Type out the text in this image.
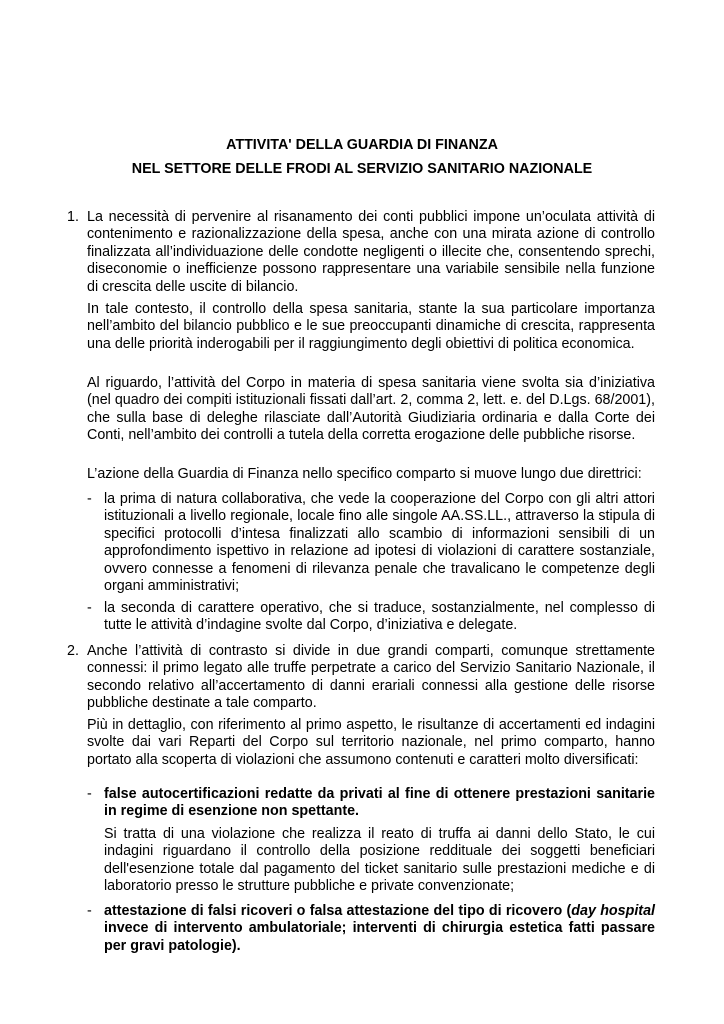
ATTIVITA' DELLA GUARDIA DI FINANZA
NEL SETTORE DELLE FRODI AL SERVIZIO SANITARIO NAZIONALE
1. La necessità di pervenire al risanamento dei conti pubblici impone un’oculata attività di contenimento e razionalizzazione della spesa, anche con una mirata azione di controllo finalizzata all’individuazione delle condotte negligenti o illecite che, consentendo sprechi, diseconomie o inefficienze possono rappresentare una variabile sensibile nella funzione di crescita delle uscite di bilancio.
In tale contesto, il controllo della spesa sanitaria, stante la sua particolare importanza nell’ambito del bilancio pubblico e le sue preoccupanti dinamiche di crescita, rappresenta una delle priorità inderogabili per il raggiungimento degli obiettivi di politica economica.
Al riguardo, l’attività del Corpo in materia di spesa sanitaria viene svolta sia d’iniziativa (nel quadro dei compiti istituzionali fissati dall’art. 2, comma 2, lett. e. del D.Lgs. 68/2001), che sulla base di deleghe rilasciate dall’Autorità Giudiziaria ordinaria e dalla Corte dei Conti, nell’ambito dei controlli a tutela della corretta erogazione delle pubbliche risorse.
L’azione della Guardia di Finanza nello specifico comparto si muove lungo due direttrici:
- la prima di natura collaborativa, che vede la cooperazione del Corpo con gli altri attori istituzionali a livello regionale, locale fino alle singole AA.SS.LL., attraverso la stipula di specifici protocolli d’intesa finalizzati allo scambio di informazioni sensibili di un approfondimento ispettivo in relazione ad ipotesi di violazioni di carattere sostanziale, ovvero connesse a fenomeni di rilevanza penale che travalicano le competenze degli organi amministrativi;
- la seconda di carattere operativo, che si traduce, sostanzialmente, nel complesso di tutte le attività d’indagine svolte dal Corpo, d’iniziativa e delegate.
2. Anche l’attività di contrasto si divide in due grandi comparti, comunque strettamente connessi: il primo legato alle truffe perpetrate a carico del Servizio Sanitario Nazionale, il secondo relativo all’accertamento di danni erariali connessi alla gestione delle risorse pubbliche destinate a tale comparto.
Più in dettaglio, con riferimento al primo aspetto, le risultanze di accertamenti ed indagini svolte dai vari Reparti del Corpo sul territorio nazionale, nel primo comparto, hanno portato alla scoperta di violazioni che assumono contenuti e caratteri molto diversificati:
- false autocertificazioni redatte da privati al fine di ottenere prestazioni sanitarie in regime di esenzione non spettante.
Si tratta di una violazione che realizza il reato di truffa ai danni dello Stato, le cui indagini riguardano il controllo della posizione reddituale dei soggetti beneficiari dell'esenzione totale dal pagamento del ticket sanitario sulle prestazioni mediche e di laboratorio presso le strutture pubbliche e private convenzionate;
- attestazione di falsi ricoveri o falsa attestazione del tipo di ricovero (day hospital invece di intervento ambulatoriale; interventi di chirurgia estetica fatti passare per gravi patologie).
